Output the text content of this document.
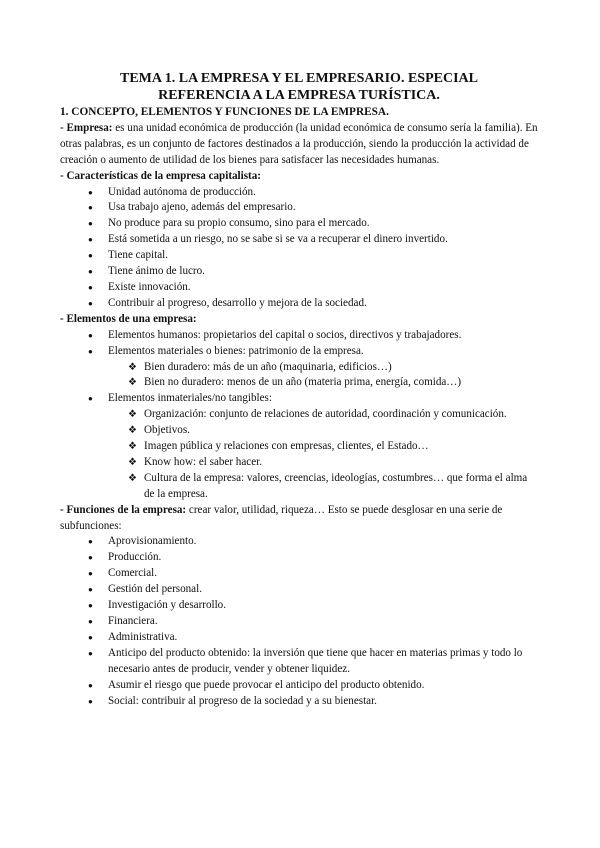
TEMA 1. LA EMPRESA Y EL EMPRESARIO. ESPECIAL
REFERENCIA A LA EMPRESA TURÍSTICA.

1. CONCEPTO, ELEMENTOS Y FUNCIONES DE LA EMPRESA.

- Empresa: es una unidad económica de producción (la unidad económica de consumo sería la familia). En otras palabras, es un conjunto de factores destinados a la producción, siendo la producción la actividad de creación o aumento de utilidad de los bienes para satisfacer las necesidades humanas.

- Características de la empresa capitalista:

● Unidad autónoma de producción.
● Usa trabajo ajeno, además del empresario.
● No produce para su propio consumo, sino para el mercado.
● Está sometida a un riesgo, no se sabe si se va a recuperar el dinero invertido.
● Tiene capital.
● Tiene ánimo de lucro.
● Existe innovación.
● Contribuir al progreso, desarrollo y mejora de la sociedad.

- Elementos de una empresa:

● Elementos humanos: propietarios del capital o socios, directivos y trabajadores.
● Elementos materiales o bienes: patrimonio de la empresa.
❖ Bien duradero: más de un año (maquinaria, edificios…)
❖ Bien no duradero: menos de un año (materia prima, energía, comida…)
● Elementos inmateriales/no tangibles:
❖ Organización: conjunto de relaciones de autoridad, coordinación y comunicación.
❖ Objetivos.
❖ Imagen pública y relaciones con empresas, clientes, el Estado…
❖ Know how: el saber hacer.
❖ Cultura de la empresa: valores, creencias, ideologías, costumbres… que forma el alma de la empresa.

- Funciones de la empresa: crear valor, utilidad, riqueza… Esto se puede desglosar en una serie de subfunciones:

● Aprovisionamiento.
● Producción.
● Comercial.
● Gestión del personal.
● Investigación y desarrollo.
● Financiera.
● Administrativa.
● Anticipo del producto obtenido: la inversión que tiene que hacer en materias primas y todo lo necesario antes de producir, vender y obtener liquidez.
● Asumir el riesgo que puede provocar el anticipo del producto obtenido.
● Social: contribuir al progreso de la sociedad y a su bienestar.
